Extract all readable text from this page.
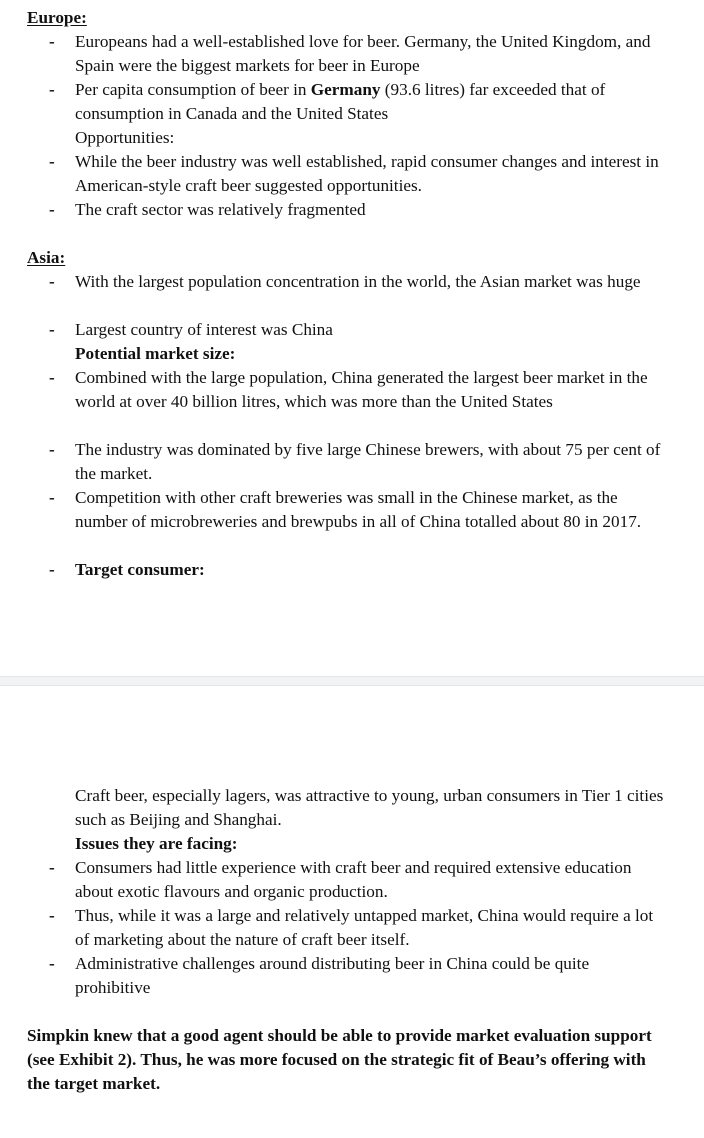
Europe:
-	Europeans had a well-established love for beer. Germany, the United Kingdom, and Spain were the biggest markets for beer in Europe
-	Per capita consumption of beer in Germany (93.6 litres) far exceeded that of consumption in Canada and the United States
Opportunities:
-	While the beer industry was well established, rapid consumer changes and interest in American-style craft beer suggested opportunities.
-	The craft sector was relatively fragmented
Asia:
-	With the largest population concentration in the world, the Asian market was huge
-	Largest country of interest was China
Potential market size:
-	Combined with the large population, China generated the largest beer market in the world at over 40 billion litres, which was more than the United States
-	The industry was dominated by five large Chinese brewers, with about 75 per cent of the market.
-	Competition with other craft breweries was small in the Chinese market, as the number of microbreweries and brewpubs in all of China totalled about 80 in 2017.
-	Target consumer:
Craft beer, especially lagers, was attractive to young, urban consumers in Tier 1 cities such as Beijing and Shanghai.
Issues they are facing:
-	Consumers had little experience with craft beer and required extensive education about exotic flavours and organic production.
-	Thus, while it was a large and relatively untapped market, China would require a lot of marketing about the nature of craft beer itself.
-	Administrative challenges around distributing beer in China could be quite prohibitive
Simpkin knew that a good agent should be able to provide market evaluation support (see Exhibit 2). Thus, he was more focused on the strategic fit of Beau’s offering with the target market.
